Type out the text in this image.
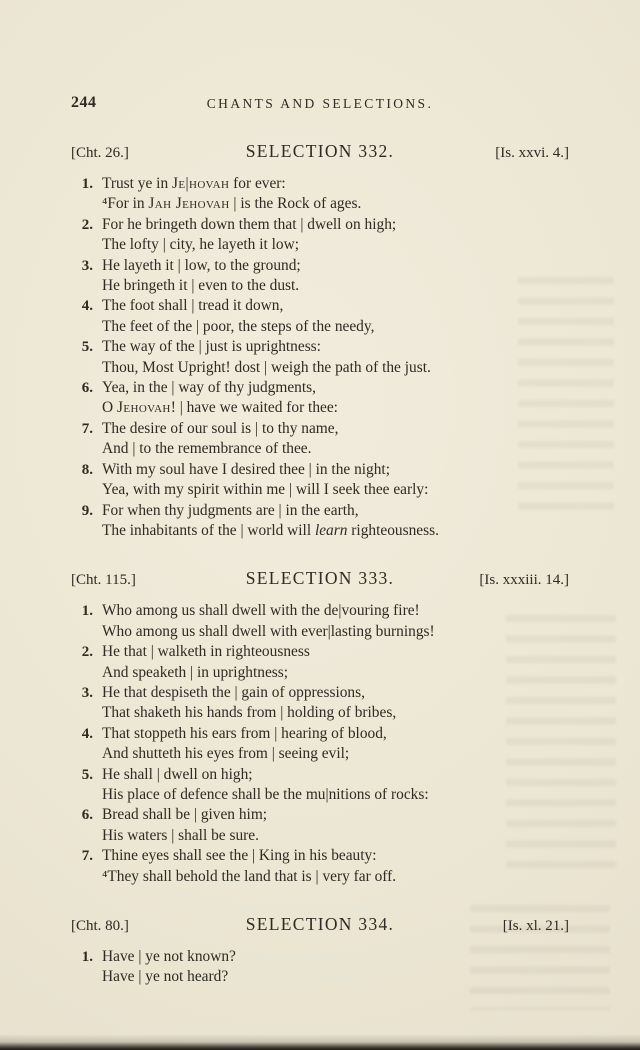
244	CHANTS AND SELECTIONS.
[Cht. 26.]	SELECTION 332.	[Is. xxvi. 4.]
1. Trust ye in Je|hovah for ever:
⁴For in Jah Jehovah | is the Rock of ages.
2. For he bringeth down them that | dwell on high;
The lofty | city, he layeth it low;
3. He layeth it | low, to the ground;
He bringeth it | even to the dust.
4. The foot shall | tread it down,
The feet of the | poor, the steps of the needy,
5. The way of the | just is uprightness:
Thou, Most Upright! dost | weigh the path of the just.
6. Yea, in the | way of thy judgments,
O Jehovah! | have we waited for thee:
7. The desire of our soul is | to thy name,
And | to the remembrance of thee.
8. With my soul have I desired thee | in the night;
Yea, with my spirit within me | will I seek thee early:
9. For when thy judgments are | in the earth,
The inhabitants of the | world will learn righteousness.
[Cht. 115.]	SELECTION 333.	[Is. xxxiii. 14.]
1. Who among us shall dwell with the de|vouring fire!
Who among us shall dwell with ever|lasting burnings!
2. He that | walketh in righteousness
And speaketh | in uprightness;
3. He that despiseth the | gain of oppressions,
That shaketh his hands from | holding of bribes,
4. That stoppeth his ears from | hearing of blood,
And shutteth his eyes from | seeing evil;
5. He shall | dwell on high;
His place of defence shall be the mu|nitions of rocks:
6. Bread shall be | given him;
His waters | shall be sure.
7. Thine eyes shall see the | King in his beauty:
⁴They shall behold the land that is | very far off.
[Cht. 80.]	SELECTION 334.	[Is. xl. 21.]
1. Have | ye not known?
Have | ye not heard?
